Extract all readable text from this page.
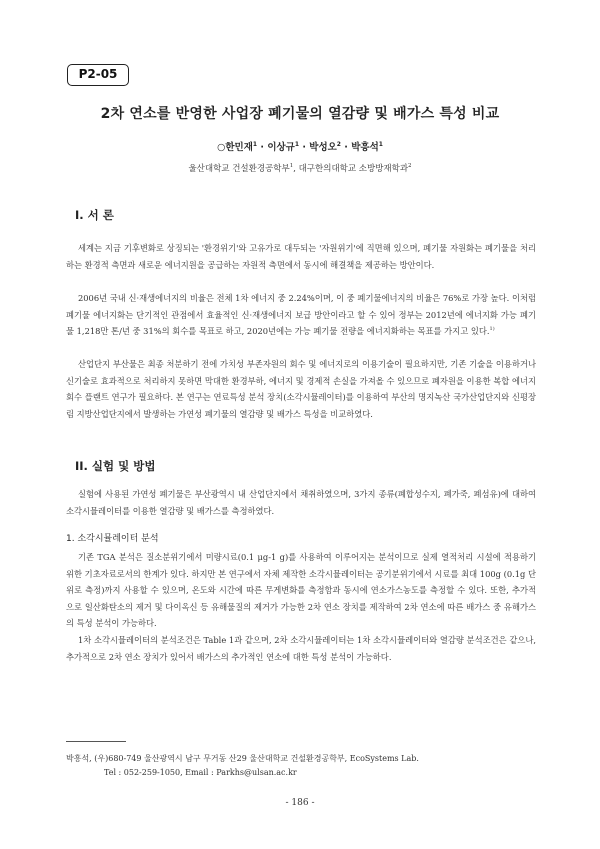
P2-05
2차 연소를 반영한 사업장 폐기물의 열감량 및 배가스 특성 비교
○한민재$^1$ · 이상규$^1$ · 박성오$^2$ · 박흥석$^1$
울산대학교 건설환경공학부$^1$, 대구한의대학교 소방방재학과$^2$
I. 서 론

세계는 지금 기후변화로 상징되는 '환경위기'와 고유가로 대두되는 '자원위기'에 직면해 있으며, 폐기물 자원화는 폐기물을 처리하는 환경적 측면과 새로운 에너지원을 공급하는 자원적 측면에서 동시에 해결책을 제공하는 방안이다.

2006년 국내 신·재생에너지의 비율은 전체 1차 에너지 중 2.24%이며, 이 중 폐기물에너지의 비율은 76%로 가장 높다. 이처럼 폐기물 에너지화는 단기적인 관점에서 효율적인 신·재생에너지 보급 방안이라고 할 수 있어 정부는 2012년에 에너지화 가능 폐기물 1,218만 톤/년 중 31%의 회수를 목표로 하고, 2020년에는 가능 폐기물 전량을 에너지화하는 목표를 가지고 있다.$^{1)}$

산업단지 부산물은 최종 처분하기 전에 가치성 부존자원의 회수 및 에너지로의 이용기술이 필요하지만, 기존 기술을 이용하거나 신기술로 효과적으로 처리하지 못하면 막대한 환경부하, 에너지 및 경제적 손실을 가져올 수 있으므로 폐자원을 이용한 복합 에너지 회수 플랜트 연구가 필요하다. 본 연구는 연료특성 분석 장치(소각시뮬레이터)를 이용하여 부산의 명지녹산 국가산업단지와 신평장림 지방산업단지에서 발생하는 가연성 폐기물의 열감량 및 배가스 특성을 비교하였다.

II. 실험 및 방법

실험에 사용된 가연성 폐기물은 부산광역시 내 산업단지에서 채취하였으며, 3가지 종류(폐합성수지, 폐가죽, 폐섬유)에 대하여 소각시뮬레이터를 이용한 열감량 및 배가스를 측정하였다.

1. 소각시뮬레이터 분석

기존 TGA 분석은 질소분위기에서 미량시료(0.1 μg-1 g)를 사용하여 이루어지는 분석이므로 실제 열적처리 시설에 적용하기 위한 기초자료로서의 한계가 있다. 하지만 본 연구에서 자체 제작한 소각시뮬레이터는 공기분위기에서 시료를 최대 100g (0.1g 단위로 측정)까지 사용할 수 있으며, 온도와 시간에 따른 무게변화를 측정함과 동시에 연소가스농도를 측정할 수 있다. 또한, 추가적으로 일산화탄소의 제거 및 다이옥신 등 유해물질의 제거가 가능한 2차 연소 장치를 제작하여 2차 연소에 따른 배가스 중 유해가스의 특성 분석이 가능하다.

1차 소각시뮬레이터의 분석조건은 Table 1과 같으며, 2차 소각시뮬레이터는 1차 소각시뮬레이터와 열감량 분석조건은 같으나, 추가적으로 2차 연소 장치가 있어서 배가스의 추가적인 연소에 대한 특성 분석이 가능하다.

박흥석, (우)680-749 울산광역시 남구 무거동 산29 울산대학교 건설환경공학부, EcoSystems Lab.
Tel : 052-259-1050, Email : Parkhs@ulsan.ac.kr
- 186 -
